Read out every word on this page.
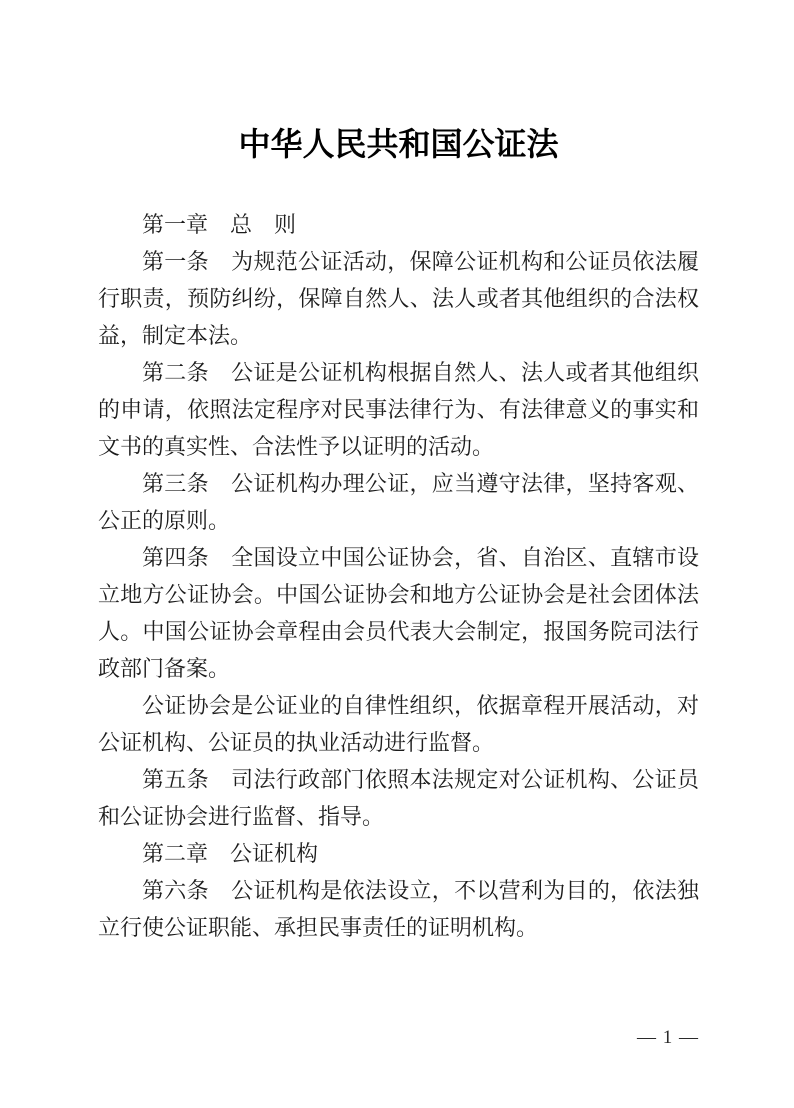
中华人民共和国公证法

第一章　总　则

第一条　为规范公证活动，保障公证机构和公证员依法履行职责，预防纠纷，保障自然人、法人或者其他组织的合法权益，制定本法。

第二条　公证是公证机构根据自然人、法人或者其他组织的申请，依照法定程序对民事法律行为、有法律意义的事实和文书的真实性、合法性予以证明的活动。

第三条　公证机构办理公证，应当遵守法律，坚持客观、公正的原则。

第四条　全国设立中国公证协会，省、自治区、直辖市设立地方公证协会。中国公证协会和地方公证协会是社会团体法人。中国公证协会章程由会员代表大会制定，报国务院司法行政部门备案。

公证协会是公证业的自律性组织，依据章程开展活动，对公证机构、公证员的执业活动进行监督。

第五条　司法行政部门依照本法规定对公证机构、公证员和公证协会进行监督、指导。

第二章　公证机构

第六条　公证机构是依法设立，不以营利为目的，依法独立行使公证职能、承担民事责任的证明机构。

— 1 —
